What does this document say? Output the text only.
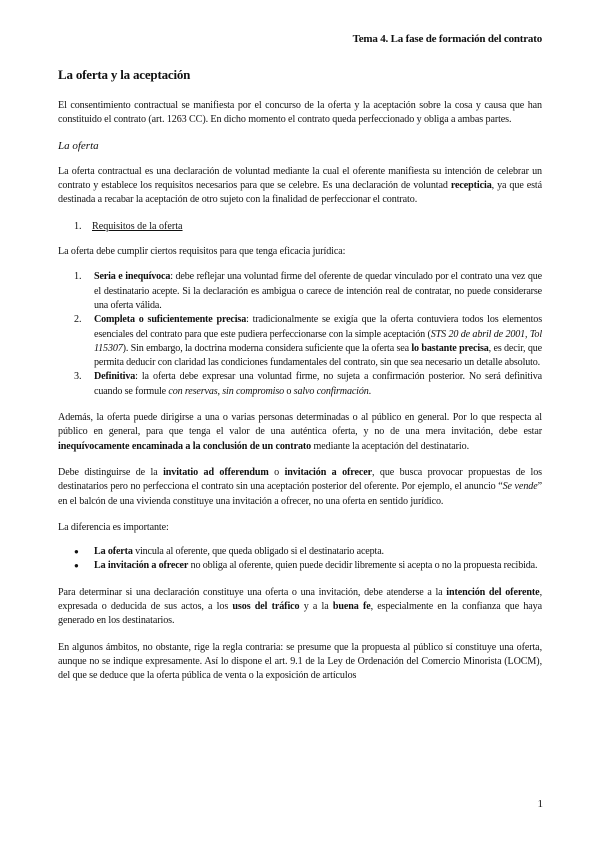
Tema 4. La fase de formación del contrato
La oferta y la aceptación

El consentimiento contractual se manifiesta por el concurso de la oferta y la aceptación sobre la cosa y causa que han constituido el contrato (art. 1263 CC). En dicho momento el contrato queda perfeccionado y obliga a ambas partes.

La oferta

La oferta contractual es una declaración de voluntad mediante la cual el oferente manifiesta su intención de celebrar un contrato y establece los requisitos necesarios para que se celebre. Es una declaración de voluntad recepticia, ya que está destinada a recabar la aceptación de otro sujeto con la finalidad de perfeccionar el contrato.

1.	Requisitos de la oferta

La oferta debe cumplir ciertos requisitos para que tenga eficacia jurídica:

1.	Seria e inequívoca: debe reflejar una voluntad firme del oferente de quedar vinculado por el contrato una vez que el destinatario acepte. Si la declaración es ambigua o carece de intención real de contratar, no puede considerarse una oferta válida.
2.	Completa o suficientemente precisa: tradicionalmente se exigía que la oferta contuviera todos los elementos esenciales del contrato para que este pudiera perfeccionarse con la simple aceptación (STS 20 de abril de 2001, Tol 115307). Sin embargo, la doctrina moderna considera suficiente que la oferta sea lo bastante precisa, es decir, que permita deducir con claridad las condiciones fundamentales del contrato, sin que sea necesario un detalle absoluto.
3.	Definitiva: la oferta debe expresar una voluntad firme, no sujeta a confirmación posterior. No será definitiva cuando se formule con reservas, sin compromiso o salvo confirmación.

Además, la oferta puede dirigirse a una o varias personas determinadas o al público en general. Por lo que respecta al público en general, para que tenga el valor de una auténtica oferta, y no de una mera invitación, debe estar inequívocamente encaminada a la conclusión de un contrato mediante la aceptación del destinatario.

Debe distinguirse de la invitatio ad offerendum o invitación a ofrecer, que busca provocar propuestas de los destinatarios pero no perfecciona el contrato sin una aceptación posterior del oferente. Por ejemplo, el anuncio “Se vende” en el balcón de una vivienda constituye una invitación a ofrecer, no una oferta en sentido jurídico.

La diferencia es importante:

●	La oferta vincula al oferente, que queda obligado si el destinatario acepta.
●	La invitación a ofrecer no obliga al oferente, quien puede decidir libremente si acepta o no la propuesta recibida.

Para determinar si una declaración constituye una oferta o una invitación, debe atenderse a la intención del oferente, expresada o deducida de sus actos, a los usos del tráfico y a la buena fe, especialmente en la confianza que haya generado en los destinatarios.

En algunos ámbitos, no obstante, rige la regla contraria: se presume que la propuesta al público sí constituye una oferta, aunque no se indique expresamente. Así lo dispone el art. 9.1 de la Ley de Ordenación del Comercio Minorista (LOCM), del que se deduce que la oferta pública de venta o la exposición de artículos

1
